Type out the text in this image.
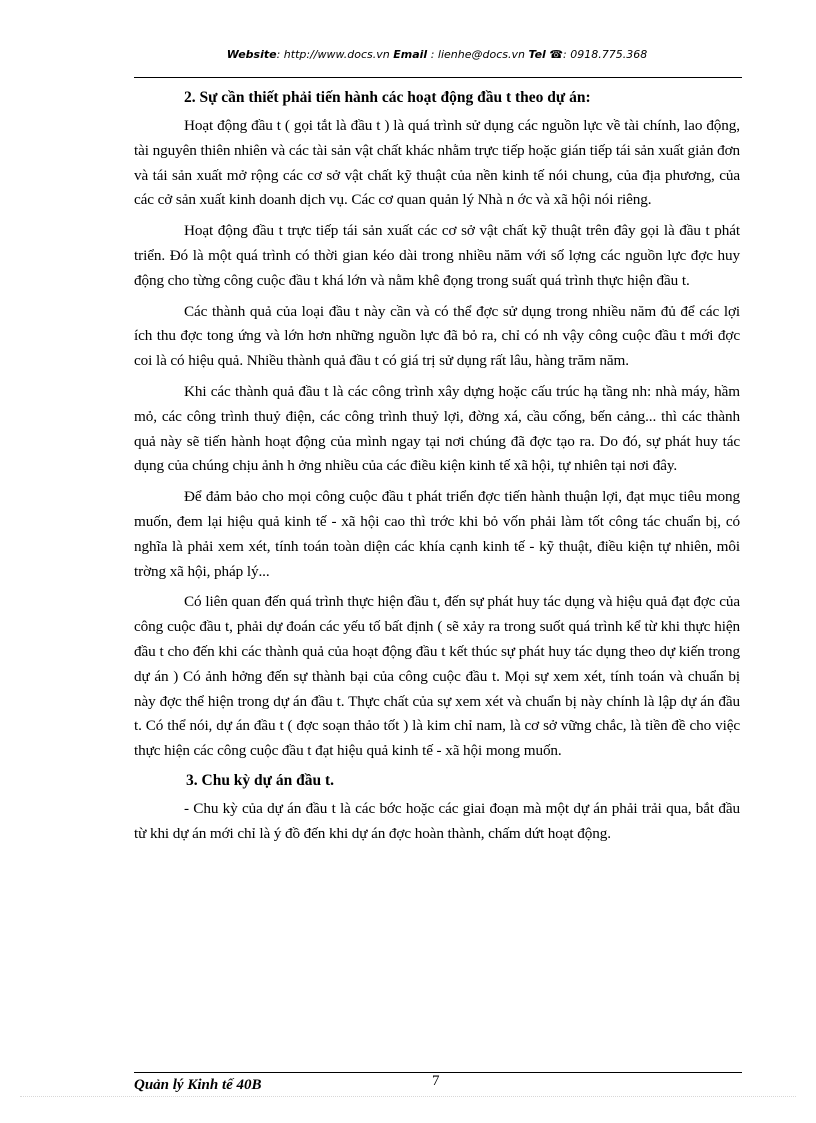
Website: http://www.docs.vn Email : lienhe@docs.vn Tel ☎: 0918.775.368

2. Sự cần thiết phải tiến hành các hoạt động đầu t theo dự án:

Hoạt động đầu t ( gọi tắt là đầu t ) là quá trình sử dụng các nguồn lực về tài chính, lao động, tài nguyên thiên nhiên và các tài sản vật chất khác nhằm trực tiếp hoặc gián tiếp tái sản xuất giản đơn và tái sản xuất mở rộng các cơ sở vật chất kỹ thuật của nền kinh tế nói chung, của địa phương, của các cở sản xuất kinh doanh dịch vụ. Các cơ quan quản lý Nhà n ớc và xã hội nói riêng.

Hoạt động đầu t trực tiếp tái sản xuất các cơ sở vật chất kỹ thuật trên đây gọi là đầu t phát triển. Đó là một quá trình có thời gian kéo dài trong nhiều năm với số lợng các nguồn lực đợc huy động cho từng công cuộc đầu t khá lớn và nằm khê đọng trong suất quá trình thực hiện đầu t.

Các thành quả của loại đầu t này cần và có thể đợc sử dụng trong nhiều năm đủ để các lợi ích thu đợc tong ứng và lớn hơn những nguồn lực đã bỏ ra, chỉ có nh vậy công cuộc đầu t mới đợc coi là có hiệu quả. Nhiều thành quả đầu t có giá trị sử dụng rất lâu, hàng trăm năm.

Khi các thành quả đầu t là các công trình xây dựng hoặc cấu trúc hạ tầng nh: nhà máy, hầm mỏ, các công trình thuỷ điện, các công trình thuỷ lợi, đờng xá, cầu cống, bến cảng... thì các thành quả này sẽ tiến hành hoạt động của mình ngay tại nơi chúng đã đợc tạo ra. Do đó, sự phát huy tác dụng của chúng chịu ảnh h ởng nhiều của các điều kiện kinh tế xã hội, tự nhiên tại nơi đây.

Để đảm bảo cho mọi công cuộc đầu t phát triển đợc tiến hành thuận lợi, đạt mục tiêu mong muốn, đem lại hiệu quả kinh tế - xã hội cao thì trớc khi bỏ vốn phải làm tốt công tác chuẩn bị, có nghĩa là phải xem xét, tính toán toàn diện các khía cạnh kinh tế - kỹ thuật, điều kiện tự nhiên, môi trờng xã hội, pháp lý...

Có liên quan đến quá trình thực hiện đầu t, đến sự phát huy tác dụng và hiệu quả đạt đợc của công cuộc đầu t, phải dự đoán các yếu tố bất định ( sẽ xảy ra trong suốt quá trình kể từ khi thực hiện đầu t cho đến khi các thành quả của hoạt động đầu t kết thúc sự phát huy tác dụng theo dự kiến trong dự án ) Có ảnh hởng đến sự thành bại của công cuộc đầu t. Mọi sự xem xét, tính toán và chuẩn bị này đợc thể hiện trong dự án đầu t. Thực chất của sự xem xét và chuẩn bị này chính là lập dự án đầu t. Có thể nói, dự án đầu t ( đợc soạn thảo tốt ) là kim chỉ nam, là cơ sở vững chắc, là tiền đề cho việc thực hiện các công cuộc đầu t đạt hiệu quả kinh tế - xã hội mong muốn.

3. Chu kỳ dự án đầu t.

- Chu kỳ của dự án đầu t là các bớc hoặc các giai đoạn mà một dự án phải trải qua, bắt đầu từ khi dự án mới chỉ là ý đồ đến khi dự án đợc hoàn thành, chấm dứt hoạt động.

Quản lý Kinh tế 40B	7
